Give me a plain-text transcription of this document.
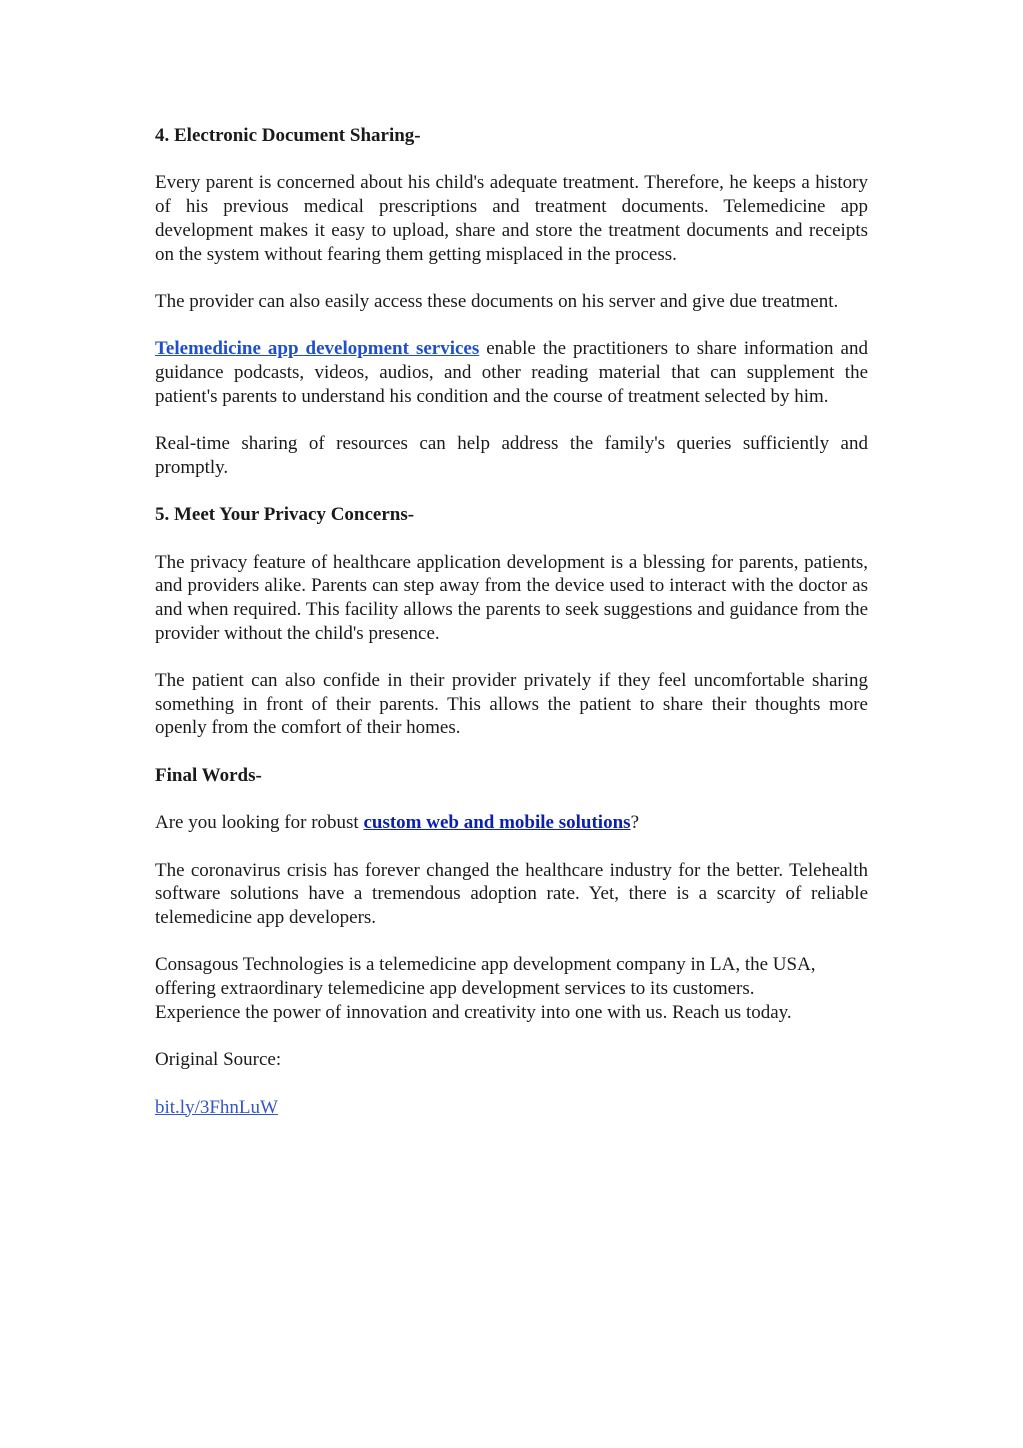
4. Electronic Document Sharing-

Every parent is concerned about his child's adequate treatment. Therefore, he keeps a history of his previous medical prescriptions and treatment documents. Telemedicine app development makes it easy to upload, share and store the treatment documents and receipts on the system without fearing them getting misplaced in the process.

The provider can also easily access these documents on his server and give due treatment.

Telemedicine app development services enable the practitioners to share information and guidance podcasts, videos, audios, and other reading material that can supplement the patient's parents to understand his condition and the course of treatment selected by him.

Real-time sharing of resources can help address the family's queries sufficiently and promptly.

5. Meet Your Privacy Concerns-

The privacy feature of healthcare application development is a blessing for parents, patients, and providers alike. Parents can step away from the device used to interact with the doctor as and when required. This facility allows the parents to seek suggestions and guidance from the provider without the child's presence.

The patient can also confide in their provider privately if they feel uncomfortable sharing something in front of their parents. This allows the patient to share their thoughts more openly from the comfort of their homes.

Final Words-

Are you looking for robust custom web and mobile solutions?

The coronavirus crisis has forever changed the healthcare industry for the better. Telehealth software solutions have a tremendous adoption rate. Yet, there is a scarcity of reliable telemedicine app developers.

Consagous Technologies is a telemedicine app development company in LA, the USA,
offering extraordinary telemedicine app development services to its customers.
Experience the power of innovation and creativity into one with us. Reach us today.

Original Source:

bit.ly/3FhnLuW
